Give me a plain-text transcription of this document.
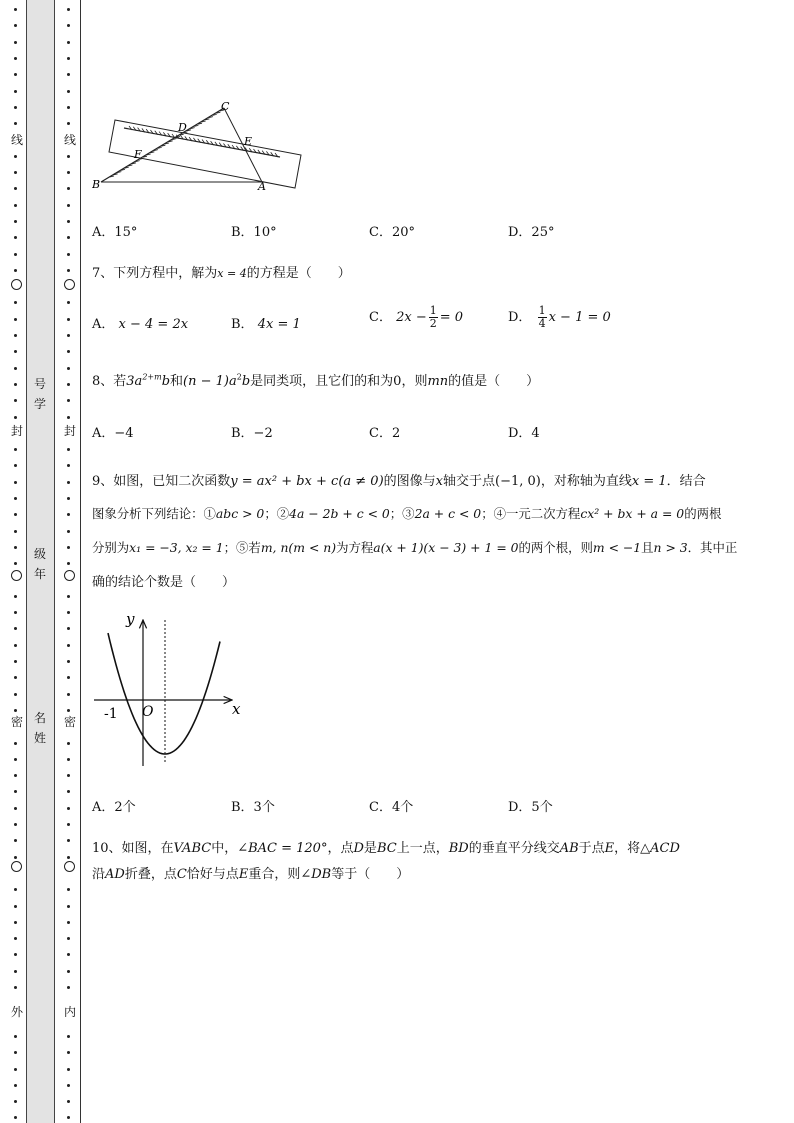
线
封
密
外
线
封
密
内
号学
级年
名姓
C
D
E
F
B	A
A．15°	B．10°	C．20°	D．25°
7、下列方程中，解为x = 4的方程是（　　）
A． x − 4 = 2x	B． 4x = 1	C． $2x - \frac{1}{2} = 0$	D． $\frac{1}{4}$ x − 1 = 0
8、若$3a^{2+m}b$和$(n - 1)a^2b$是同类项，且它们的和为0，则mn的值是（　　）
A．−4	B．−2	C．2	D．4
9、如图，已知二次函数y = ax² + bx + c(a ≠ 0)的图像与x轴交于点(−1, 0)，对称轴为直线x = 1．结合
图象分析下列结论：①abc > 0；②4a − 2b + c < 0；③2a + c < 0；④一元二次方程cx² + bx + a = 0的两根
分别为x₁ = −3, x₂ = 1；⑤若m, n(m < n)为方程a(x + 1)(x − 3) + 1 = 0的两个根，则m < −1且n > 3．其中正
确的结论个数是（　　）
y
x
O
-1
A．2个	B．3个	C．4个	D．5个
10、如图，在VABC中，∠BAC = 120°，点D是BC上一点，BD的垂直平分线交AB于点E，将△ACD
沿AD折叠，点C恰好与点E重合，则∠DB等于（　　）
